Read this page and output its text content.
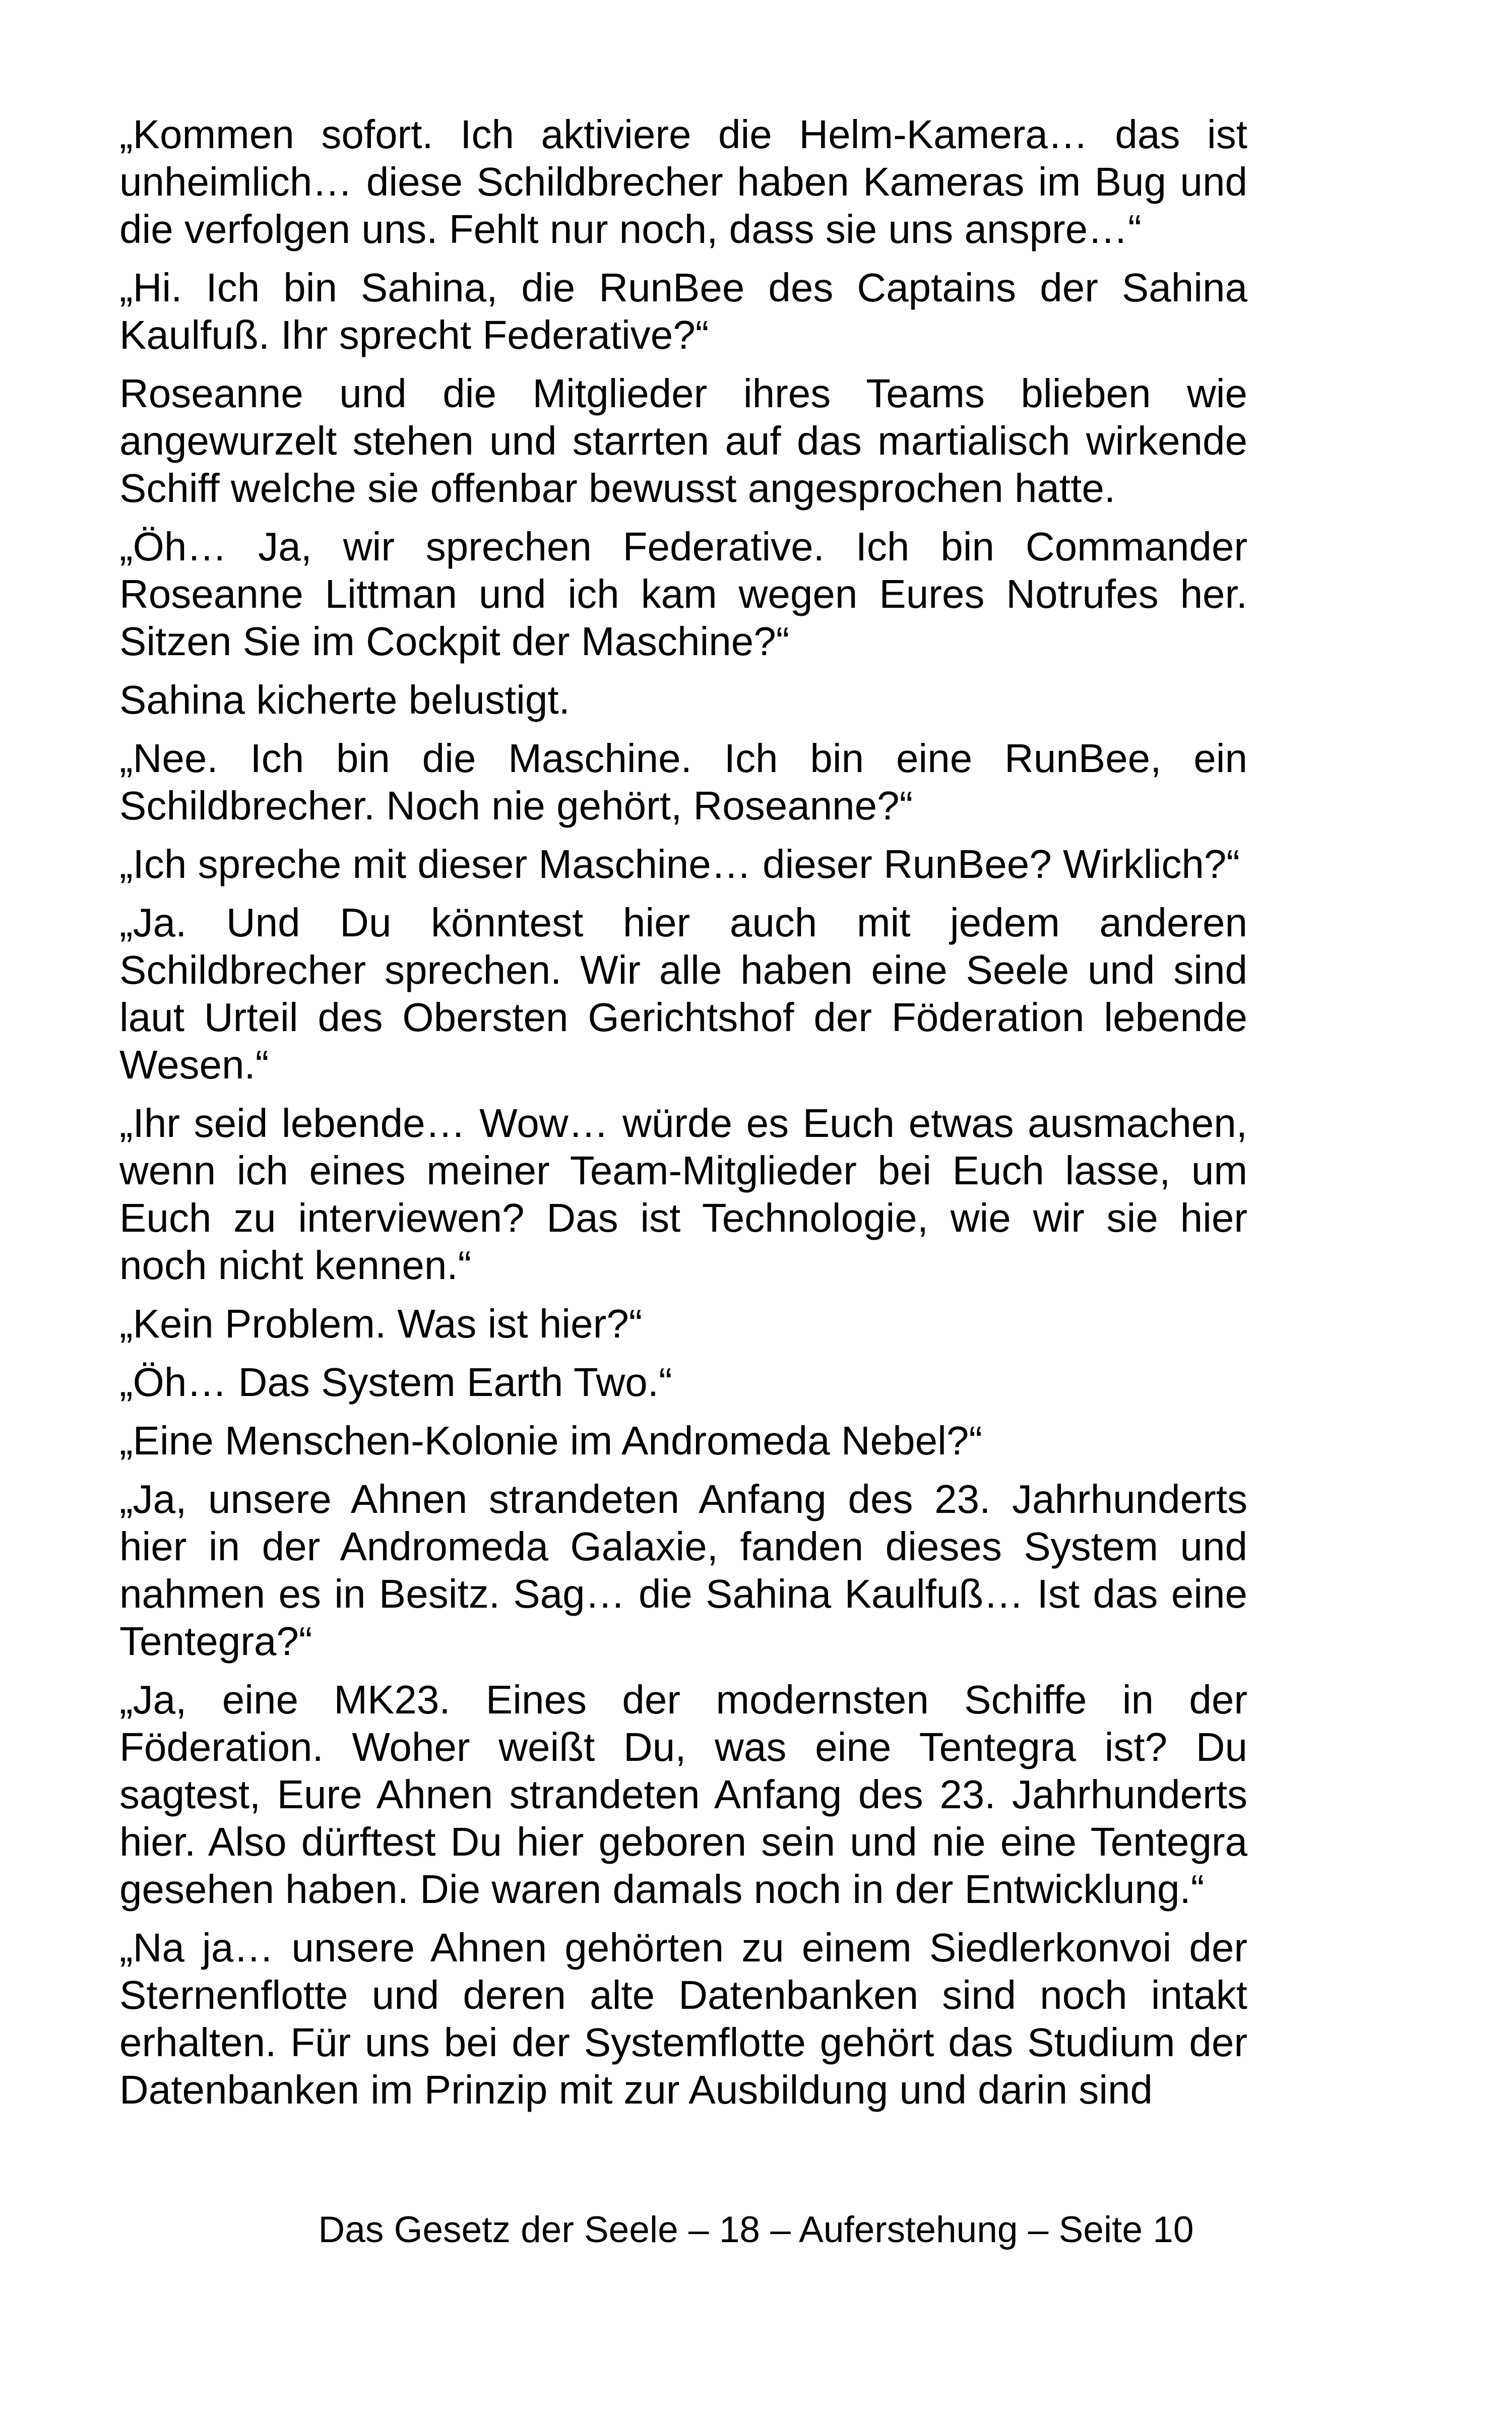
„Kommen sofort. Ich aktiviere die Helm-Kamera… das ist unheimlich… diese Schildbrecher haben Kameras im Bug und die verfolgen uns. Fehlt nur noch, dass sie uns anspre…“

„Hi. Ich bin Sahina, die RunBee des Captains der Sahina Kaulfuß. Ihr sprecht Federative?“

Roseanne und die Mitglieder ihres Teams blieben wie angewurzelt stehen und starrten auf das martialisch wirkende Schiff welche sie offenbar bewusst angesprochen hatte.

„Öh… Ja, wir sprechen Federative. Ich bin Commander Roseanne Littman und ich kam wegen Eures Notrufes her. Sitzen Sie im Cockpit der Maschine?“

Sahina kicherte belustigt.

„Nee. Ich bin die Maschine. Ich bin eine RunBee, ein Schildbrecher. Noch nie gehört, Roseanne?“

„Ich spreche mit dieser Maschine… dieser RunBee? Wirklich?“

„Ja. Und Du könntest hier auch mit jedem anderen Schildbrecher sprechen. Wir alle haben eine Seele und sind laut Urteil des Obersten Gerichtshof der Föderation lebende Wesen.“

„Ihr seid lebende… Wow… würde es Euch etwas ausmachen, wenn ich eines meiner Team-Mitglieder bei Euch lasse, um Euch zu interviewen? Das ist Technologie, wie wir sie hier noch nicht kennen.“

„Kein Problem. Was ist hier?“

„Öh… Das System Earth Two.“

„Eine Menschen-Kolonie im Andromeda Nebel?“

„Ja, unsere Ahnen strandeten Anfang des 23. Jahrhunderts hier in der Andromeda Galaxie, fanden dieses System und nahmen es in Besitz. Sag… die Sahina Kaulfuß… Ist das eine Tentegra?“

„Ja, eine MK23. Eines der modernsten Schiffe in der Föderation. Woher weißt Du, was eine Tentegra ist? Du sagtest, Eure Ahnen strandeten Anfang des 23. Jahrhunderts hier. Also dürftest Du hier geboren sein und nie eine Tentegra gesehen haben. Die waren damals noch in der Entwicklung.“

„Na ja… unsere Ahnen gehörten zu einem Siedlerkonvoi der Sternenflotte und deren alte Datenbanken sind noch intakt erhalten. Für uns bei der Systemflotte gehört das Studium der Datenbanken im Prinzip mit zur Ausbildung und darin sind

Das Gesetz der Seele – 18 – Auferstehung – Seite 10
